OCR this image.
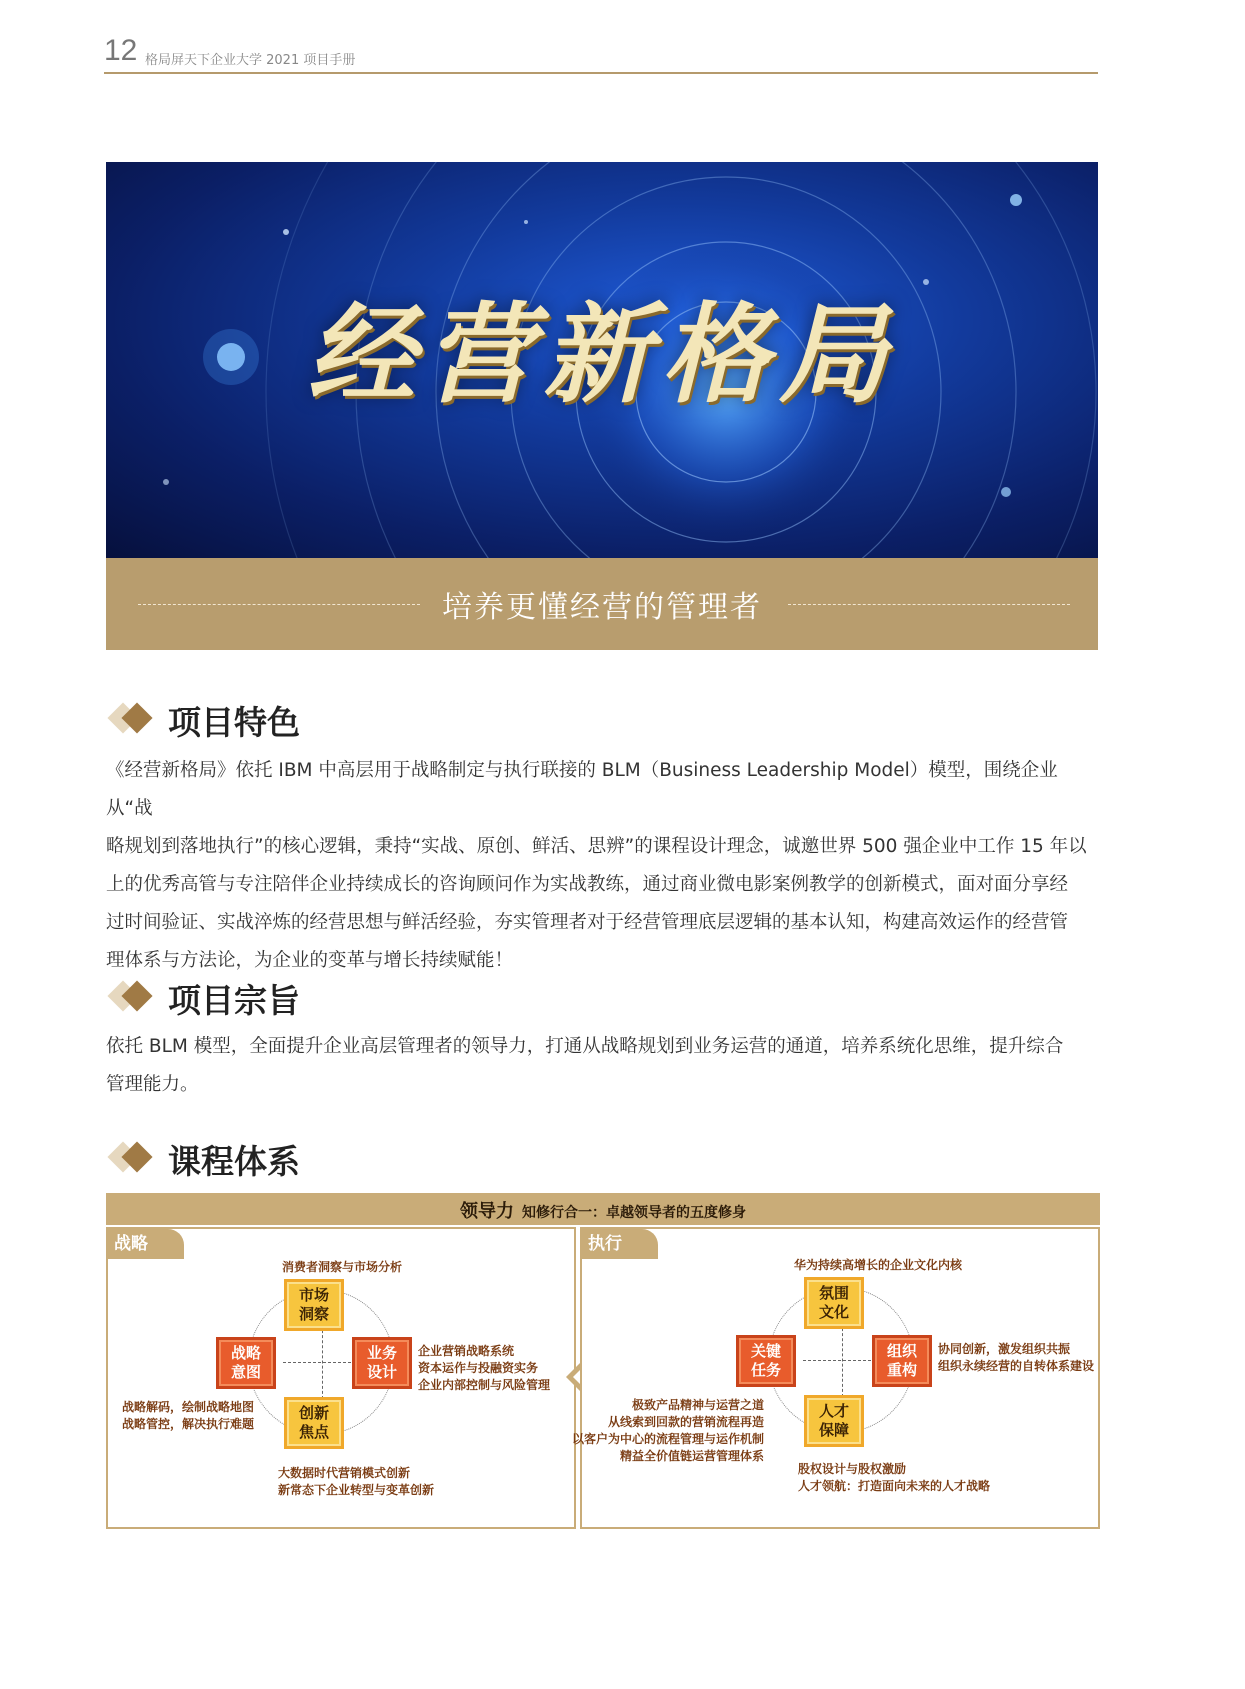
12 格局屏天下企业大学 2021 项目手册
经营新格局
培养更懂经营的管理者
项目特色
《经营新格局》依托 IBM 中高层用于战略制定与执行联接的 BLM（Business Leadership Model）模型，围绕企业从“战
略规划到落地执行”的核心逻辑，秉持“实战、原创、鲜活、思辨”的课程设计理念，诚邀世界 500 强企业中工作 15 年以
上的优秀高管与专注陪伴企业持续成长的咨询顾问作为实战教练，通过商业微电影案例教学的创新模式，面对面分享经
过时间验证、实战淬炼的经营思想与鲜活经验，夯实管理者对于经营管理底层逻辑的基本认知，构建高效运作的经营管
理体系与方法论，为企业的变革与增长持续赋能！
项目宗旨
依托 BLM 模型，全面提升企业高层管理者的领导力，打通从战略规划到业务运营的通道，培养系统化思维，提升综合
管理能力。
课程体系
领导力 知修行合一：卓越领导者的五度修身
战略
消费者洞察与市场分析
市场
洞察
战略
意图
业务
设计
创新
焦点
企业营销战略系统
资本运作与投融资实务
企业内部控制与风险管理
战略解码，绘制战略地图
战略管控，解决执行难题
大数据时代营销模式创新
新常态下企业转型与变革创新
执行
华为持续高增长的企业文化内核
氛围
文化
关键
任务
组织
重构
人才
保障
协同创新，激发组织共振
组织永续经营的自转体系建设
极致产品精神与运营之道
从线索到回款的营销流程再造
以客户为中心的流程管理与运作机制
精益全价值链运营管理体系
股权设计与股权激励
人才领航：打造面向未来的人才战略
